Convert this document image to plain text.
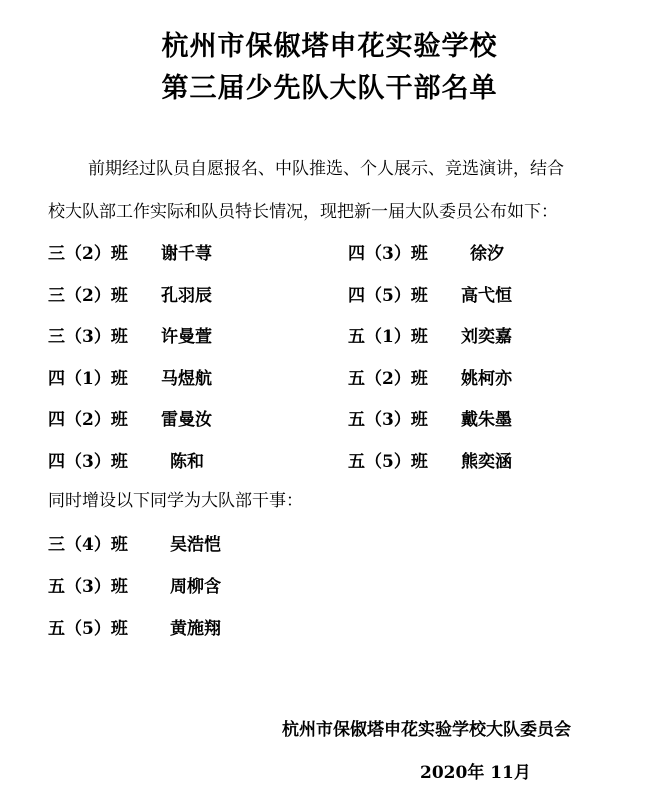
杭州市保俶塔申花实验学校
第三届少先队大队干部名单
前期经过队员自愿报名、中队推选、个人展示、竞选演讲，结合
校大队部工作实际和队员特长情况，现把新一届大队委员公布如下：
三（2）班 谢千荨
三（2）班 孔羽辰
三（3）班 许曼萱
四（1）班 马煜航
四（2）班 雷曼汝
四（3）班 陈和
四（3）班 徐汐
四（5）班 高弋恒
五（1）班 刘奕嘉
五（2）班 姚柯亦
五（3）班 戴朱墨
五（5）班 熊奕涵
同时增设以下同学为大队部干事：
三（4）班 吴浩恺
五（3）班 周柳含
五（5）班 黄施翔
杭州市保俶塔申花实验学校大队委员会
2020年 11月
